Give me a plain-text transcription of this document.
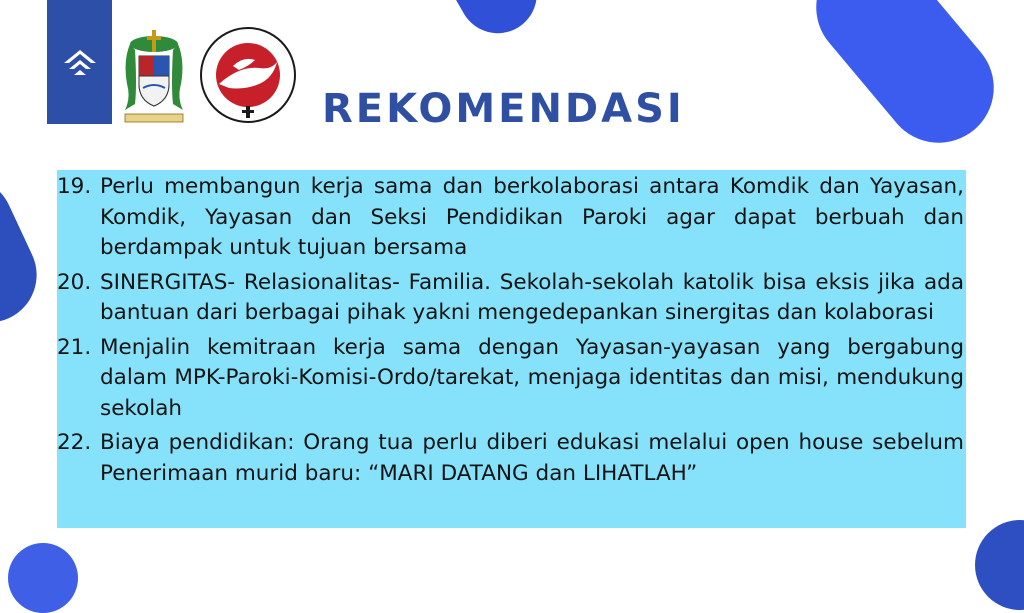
REKOMENDASI
19. Perlu membangun kerja sama dan berkolaborasi antara Komdik dan Yayasan, Komdik, Yayasan dan Seksi Pendidikan Paroki agar dapat berbuah dan berdampak untuk tujuan bersama
20. SINERGITAS- Relasionalitas- Familia. Sekolah-sekolah katolik bisa eksis jika ada bantuan dari berbagai pihak yakni mengedepankan sinergitas dan kolaborasi
21. Menjalin kemitraan kerja sama dengan Yayasan-yayasan yang bergabung dalam MPK-Paroki-Komisi-Ordo/tarekat, menjaga identitas dan misi, mendukung sekolah
22. Biaya pendidikan: Orang tua perlu diberi edukasi melalui open house sebelum Penerimaan murid baru: “MARI DATANG dan LIHATLAH”
